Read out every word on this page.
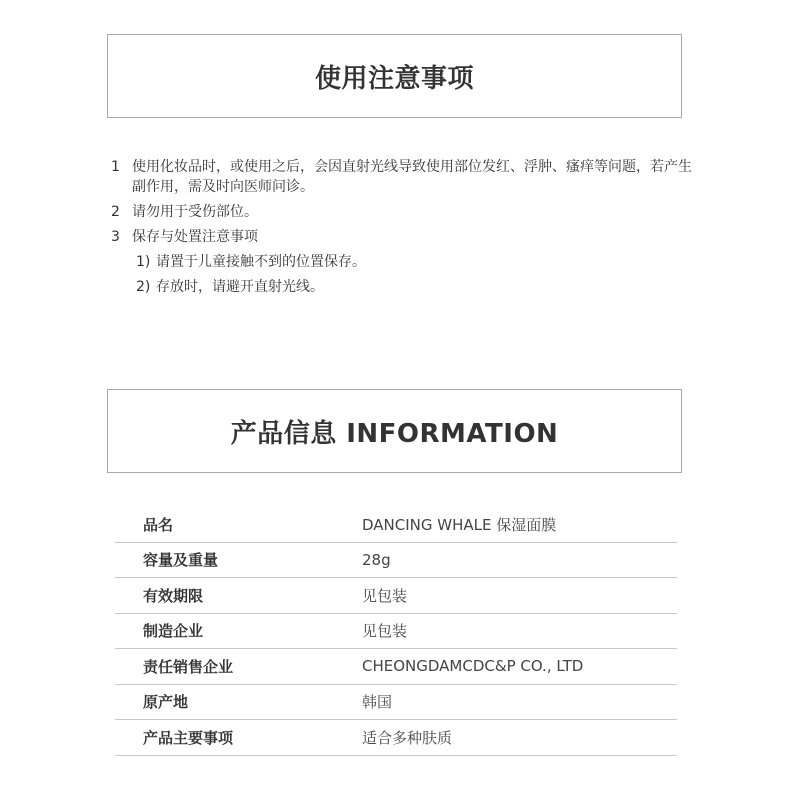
使用注意事项
1 使用化妆品时，或使用之后，会因直射光线导致使用部位发红、浮肿、瘙痒等问题，若产生副作用，需及时向医师问诊。
2 请勿用于受伤部位。
3 保存与处置注意事项
1) 请置于儿童接触不到的位置保存。
2) 存放时，请避开直射光线。
产品信息 INFORMATION
品名	DANCING WHALE 保湿面膜
容量及重量	28g
有效期限	见包装
制造企业	见包装
责任销售企业	CHEONGDAMCDC&P CO., LTD
原产地	韩国
产品主要事项	适合多种肤质
